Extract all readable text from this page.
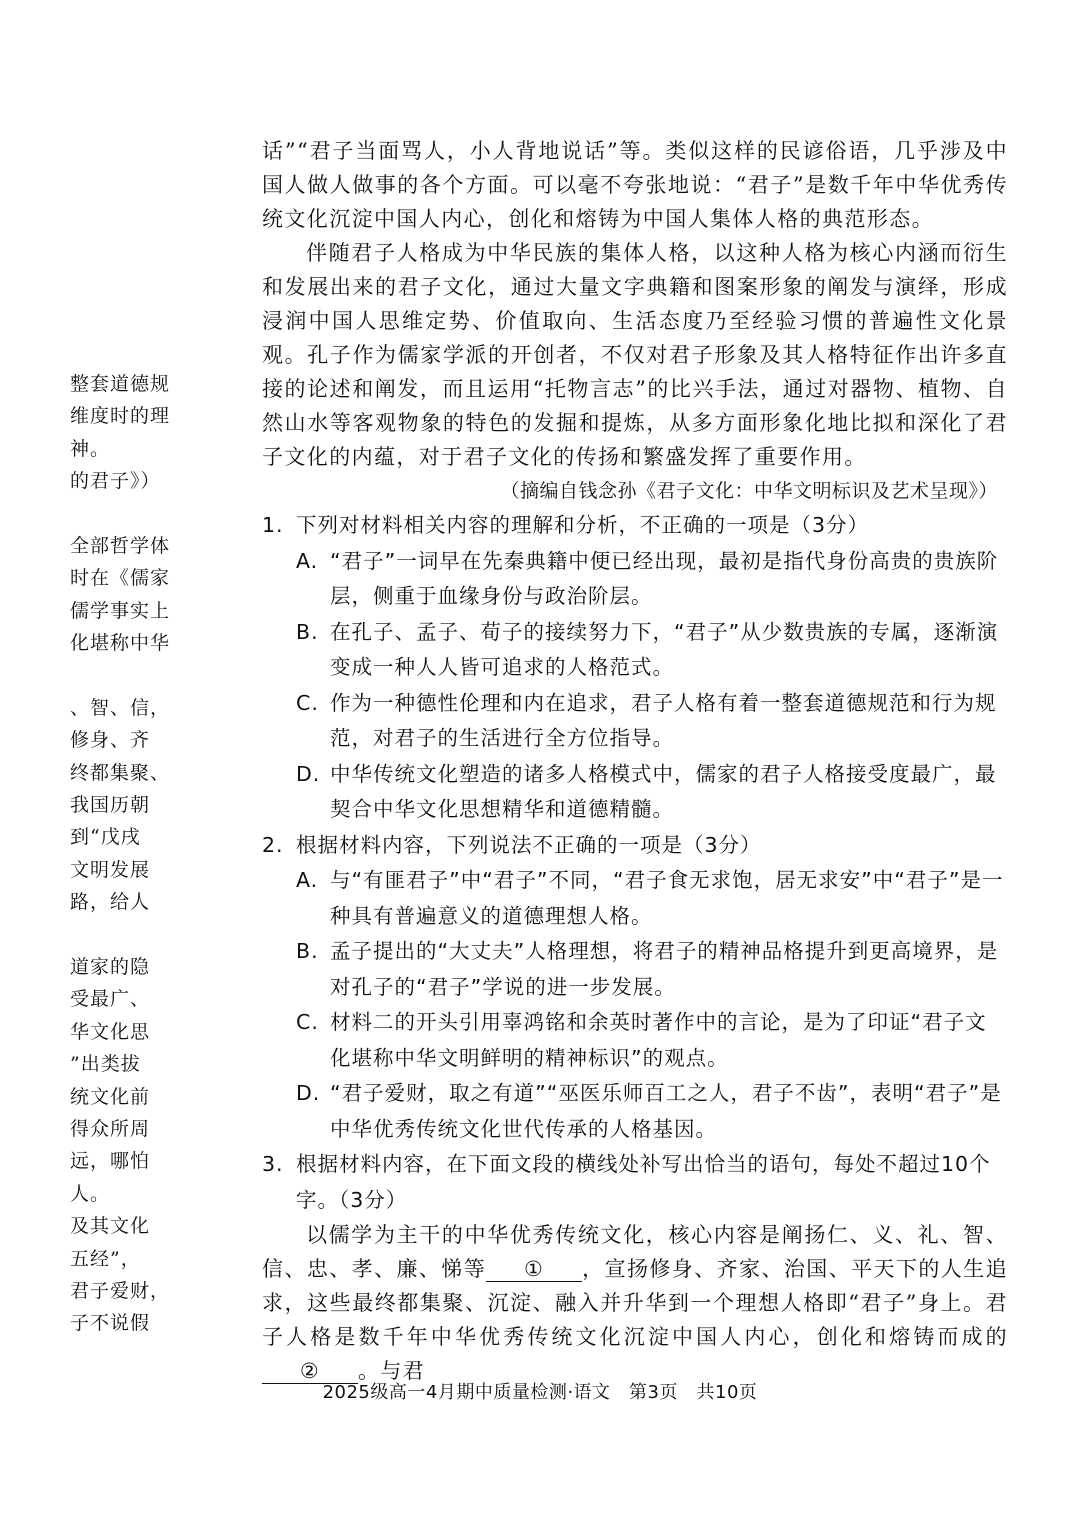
整套道德规

维度时的理

神。

的君子》）

全部哲学体

时在《儒家

儒学事实上

化堪称中华

、智、信，

修身、齐

终都集聚、

我国历朝

到“戊戌

文明发展

路，给人

道家的隐

受最广、

华文化思

”出类拔

统文化前

得众所周

远，哪怕

人。

及其文化

五经”，

君子爱财，

子不说假

话”“君子当面骂人，小人背地说话”等。类似这样的民谚俗语，几乎涉及中国人做人做事的各个方面。可以毫不夸张地说：“君子”是数千年中华优秀传统文化沉淀中国人内心，创化和熔铸为中国人集体人格的典范形态。

伴随君子人格成为中华民族的集体人格，以这种人格为核心内涵而衍生和发展出来的君子文化，通过大量文字典籍和图案形象的阐发与演绎，形成浸润中国人思维定势、价值取向、生活态度乃至经验习惯的普遍性文化景观。孔子作为儒家学派的开创者，不仅对君子形象及其人格特征作出许多直接的论述和阐发，而且运用“托物言志”的比兴手法，通过对器物、植物、自然山水等客观物象的特色的发掘和提炼，从多方面形象化地比拟和深化了君子文化的内蕴，对于君子文化的传扬和繁盛发挥了重要作用。

（摘编自钱念孙《君子文化：中华文明标识及艺术呈现》）

1. 下列对材料相关内容的理解和分析，不正确的一项是（3分）

A. “君子”一词早在先秦典籍中便已经出现，最初是指代身份高贵的贵族阶层，侧重于血缘身份与政治阶层。

B. 在孔子、孟子、荀子的接续努力下，“君子”从少数贵族的专属，逐渐演变成一种人人皆可追求的人格范式。

C. 作为一种德性伦理和内在追求，君子人格有着一整套道德规范和行为规范，对君子的生活进行全方位指导。

D. 中华传统文化塑造的诸多人格模式中，儒家的君子人格接受度最广，最契合中华文化思想精华和道德精髓。

2. 根据材料内容，下列说法不正确的一项是（3分）

A. 与“有匪君子”中“君子”不同，“君子食无求饱，居无求安”中“君子”是一种具有普遍意义的道德理想人格。

B. 孟子提出的“大丈夫”人格理想，将君子的精神品格提升到更高境界，是对孔子的“君子”学说的进一步发展。

C. 材料二的开头引用辜鸿铭和余英时著作中的言论，是为了印证“君子文化堪称中华文明鲜明的精神标识”的观点。

D. “君子爱财，取之有道”“巫医乐师百工之人，君子不齿”，表明“君子”是中华优秀传统文化世代传承的人格基因。

3. 根据材料内容，在下面文段的横线处补写出恰当的语句，每处不超过10个字。（3分）

以儒学为主干的中华优秀传统文化，核心内容是阐扬仁、义、礼、智、信、忠、孝、廉、悌等 ① ，宣扬修身、齐家、治国、平天下的人生追求，这些最终都集聚、沉淀、融入并升华到一个理想人格即“君子”身上。君子人格是数千年中华优秀传统文化沉淀中国人内心，创化和熔铸而成的② 。与君

2025级高一4月期中质量检测·语文　第3页　共10页
